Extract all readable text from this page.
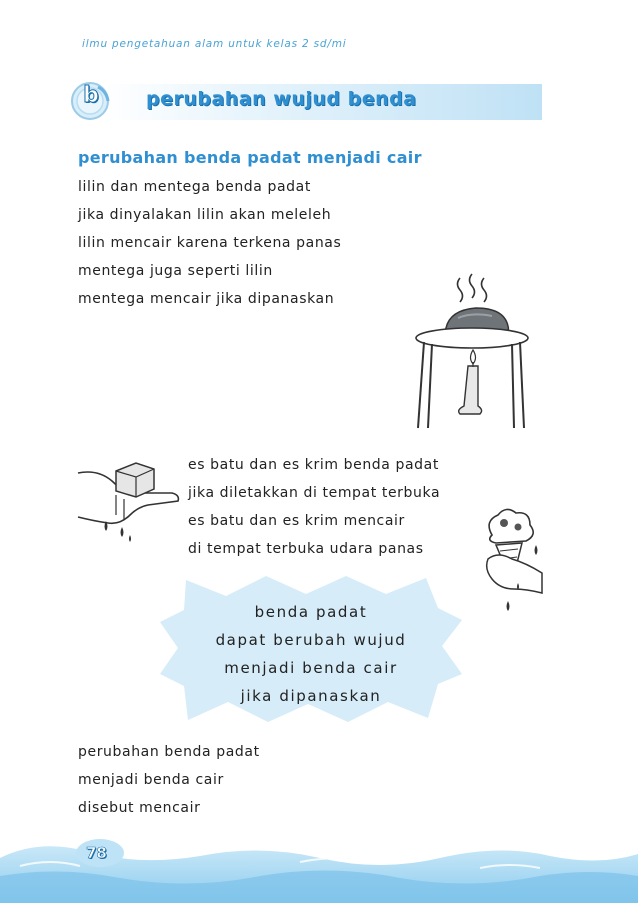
ilmu pengetahuan alam untuk kelas 2 sd/mi
b perubahan wujud benda
perubahan benda padat menjadi cair
lilin dan mentega benda padat
jika dinyalakan lilin akan meleleh
lilin mencair karena terkena panas
mentega juga seperti lilin
mentega mencair jika dipanaskan
es batu dan es krim benda padat
jika diletakkan di tempat terbuka
es batu dan es krim mencair
di tempat terbuka udara panas
benda padat
dapat berubah wujud
menjadi benda cair
jika dipanaskan
perubahan benda padat
menjadi benda cair
disebut mencair
78
